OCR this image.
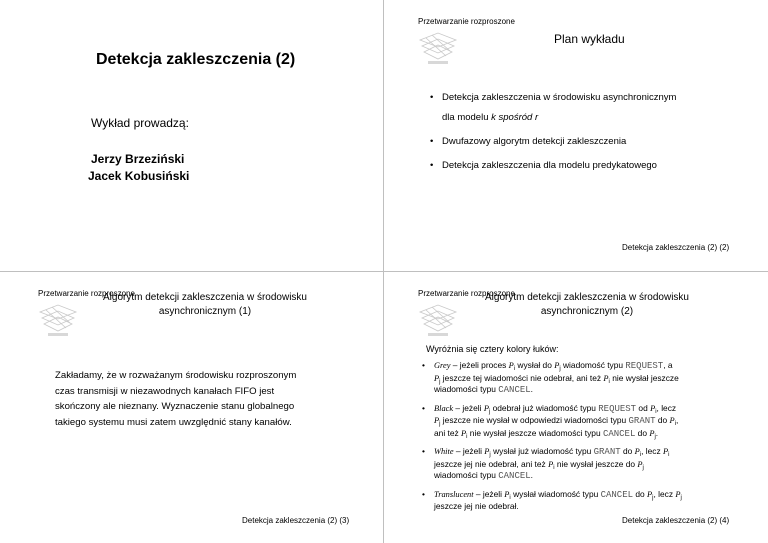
Detekcja zakleszczenia (2)
Wykład prowadzą:
Jerzy Brzeziński
Jacek Kobusiński
Przetwarzanie rozproszone
Plan wykładu
• Detekcja zakleszczenia w środowisku asynchronicznym
dla modelu k spośród r
• Dwufazowy algorytm detekcji zakleszczenia
• Detekcja zakleszczenia dla modelu predykatowego
Detekcja zakleszczenia (2) (2)
Przetwarzanie rozproszone
Algorytm detekcji zakleszczenia w środowisku
asynchronicznym (1)
Zakładamy, że w rozważanym środowisku rozproszonym
czas transmisji w niezawodnych kanałach FIFO jest
skończony ale nieznany. Wyznaczenie stanu globalnego
takiego systemu musi zatem uwzględnić stany kanałów.
Detekcja zakleszczenia (2) (3)
Przetwarzanie rozproszone
Algorytm detekcji zakleszczenia w środowisku
asynchronicznym (2)
Wyróżnia się cztery kolory łuków:
• Grey – jeżeli proces $P_i$ wysłał do $P_j$ wiadomość typu REQUEST, a
$P_j$ jeszcze tej wiadomości nie odebrał, ani też $P_i$ nie wysłał jeszcze
wiadomości typu CANCEL.
• Black – jeżeli $P_j$ odebrał już wiadomość typu REQUEST od $P_i$, lecz
$P_j$ jeszcze nie wysłał w odpowiedzi wiadomości typu GRANT do $P_i$,
ani też $P_i$ nie wysłał jeszcze wiadomości typu CANCEL do $P_j$.
• White – jeżeli $P_j$ wysłał już wiadomość typu GRANT do $P_i$, lecz $P_i$
jeszcze jej nie odebrał, ani też $P_i$ nie wysłał jeszcze do $P_j$
wiadomości typu CANCEL.
• Translucent – jeżeli $P_i$ wysłał wiadomość typu CANCEL do $P_j$, lecz $P_j$
jeszcze jej nie odebrał.
Detekcja zakleszczenia (2) (4)
